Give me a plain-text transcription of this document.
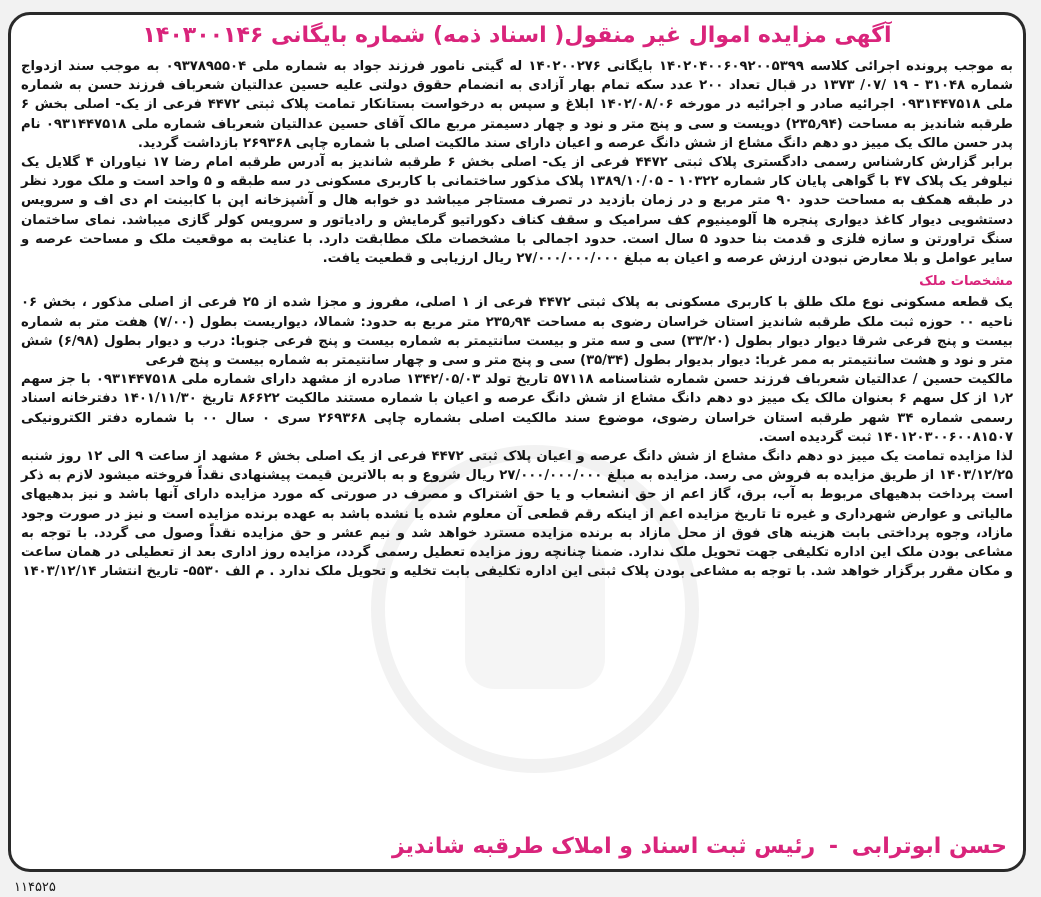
آگهی مزایده اموال غیر منقول( اسناد ذمه) شماره بایگانی ۱۴۰۳۰۰۱۴۶

به موجب پرونده اجرائی کلاسه ۱۴۰۲۰۴۰۰۶۰۹۲۰۰۵۳۹۹ بایگانی ۱۴۰۲۰۰۲۷۶ له گیتی نامور فرزند جواد به شماره ملی ۰۹۳۷۸۹۵۵۰۴ به موجب سند ازدواج شماره ۳۱۰۴۸ - ۱۹ /۰۷/ ۱۳۷۳ در قبال تعداد ۲۰۰ عدد سکه تمام بهار آزادی به انضمام حقوق دولتی علیه حسین عدالتیان شعرباف فرزند حسن به شماره ملی ۰۹۳۱۴۴۷۵۱۸ اجرائیه صادر و اجرائیه در مورخه ۱۴۰۲/۰۸/۰۶ ابلاغ و سپس به درخواست بستانکار تمامت پلاک ثبتی ۴۴۷۲ فرعی از یک- اصلی بخش ۶ طرقبه شاندیز به مساحت (۲۳۵٫۹۴) دویست و سی و پنج متر و نود و چهار دسیمتر مربع مالک آقای حسین عدالتیان شعرباف شماره ملی ۰۹۳۱۴۴۷۵۱۸ نام پدر حسن مالک یک مییز دو دهم دانگ مشاع از شش دانگ عرصه و اعیان دارای سند مالکیت اصلی با شماره چاپی ۲۶۹۳۶۸ بازداشت گردید.

برابر گزارش کارشناس رسمی دادگستری پلاک ثبتی ۴۴۷۲ فرعی از یک- اصلی بخش ۶ طرقبه شاندیز به آدرس طرقبه امام رضا ۱۷ نیاوران ۴ گلایل یک نیلوفر یک پلاک ۴۷ با گواهی پایان کار شماره ۱۰۳۲۲ - ۱۳۸۹/۱۰/۰۵ پلاک مذکور ساختمانی با کاربری مسکونی در سه طبقه و ۵ واحد است و ملک مورد نظر در طبقه همکف به مساحت حدود ۹۰ متر مربع و در زمان بازدید در تصرف مستاجر میباشد دو خوابه هال و آشپزخانه اپن با کابینت ام دی اف و سرویس دستشویی دیوار کاغذ دیواری پنجره ها آلومینیوم کف سرامیک و سقف کناف دکوراتیو گرمایش و رادیاتور و سرویس کولر گازی میباشد. نمای ساختمان سنگ تراورتن و سازه فلزی و قدمت بنا حدود ۵ سال است. حدود اجمالی با مشخصات ملک مطابقت دارد. با عنایت به موقعیت ملک و مساحت عرصه و سایر عوامل و بلا معارض نبودن ارزش عرصه و اعیان به مبلغ ۲۷/۰۰۰/۰۰۰/۰۰۰ ریال ارزیابی و قطعیت یافت.

مشخصات ملک

یک قطعه مسکونی نوع ملک طلق با کاربری مسکونی به پلاک ثبتی ۴۴۷۲ فرعی از ۱ اصلی، مفروز و مجزا شده از ۲۵ فرعی از اصلی مذکور ، بخش ۰۶ ناحیه ۰۰ حوزه ثبت ملک طرقبه شاندیز استان خراسان رضوی به مساحت ۲۳۵٫۹۴ متر مربع به حدود: شمالا، دیواریست بطول (۷/۰۰) هفت متر به شماره بیست و پنج فرعی شرقا دیوار دیوار بطول (۳۳/۲۰) سی و سه متر و بیست سانتیمتر به شماره بیست و پنج فرعی جنوبا: درب و دیوار بطول (۶/۹۸) شش متر و نود و هشت سانتیمتر به ممر غربا: دیوار بدیوار بطول (۳۵/۳۴) سی و پنج متر و سی و چهار سانتیمتر به شماره بیست و پنج فرعی

مالکیت حسین / عدالتیان شعرباف فرزند حسن شماره شناسنامه ۵۷۱۱۸ تاریخ تولد ۱۳۴۲/۰۵/۰۳ صادره از مشهد دارای شماره ملی ۰۹۳۱۴۴۷۵۱۸ با جز سهم ۱٫۲ از کل سهم ۶ بعنوان مالک یک مییز دو دهم دانگ مشاع از شش دانگ عرصه و اعیان با شماره مستند مالکیت ۸۶۶۲۲ تاریخ ۱۴۰۱/۱۱/۳۰ دفترخانه اسناد رسمی شماره ۳۴ شهر طرقبه استان خراسان رضوی، موضوع سند مالکیت اصلی بشماره چاپی ۲۶۹۳۶۸ سری ۰ سال ۰۰ با شماره دفتر الکترونیکی ۱۴۰۱۲۰۳۰۰۶۰۰۸۱۵۰۷ ثبت گردیده است.

لذا مزایده تمامت یک مییز دو دهم دانگ مشاع از شش دانگ عرصه و اعیان پلاک ثبتی ۴۴۷۲ فرعی از یک اصلی بخش ۶ مشهد از ساعت ۹ الی ۱۲ روز شنبه ۱۴۰۳/۱۲/۲۵ از طریق مزایده به فروش می رسد. مزایده به مبلغ ۲۷/۰۰۰/۰۰۰/۰۰۰ ریال شروع و به بالاترین قیمت پیشنهادی نقداً فروخته میشود لازم به ذکر است پرداخت بدهیهای مربوط به آب، برق، گاز اعم از حق انشعاب و یا حق اشتراک و مصرف در صورتی که مورد مزایده دارای آنها باشد و نیز بدهیهای مالیاتی و عوارض شهرداری و غیره تا تاریخ مزایده اعم از اینکه رقم قطعی آن معلوم شده یا نشده باشد به عهده برنده مزایده است و نیز در صورت وجود مازاد، وجوه پرداختی بابت هزینه های فوق از محل مازاد به برنده مزایده مسترد خواهد شد و نیم عشر و حق مزایده نقداً وصول می گردد. با توجه به مشاعی بودن ملک این اداره تکلیفی جهت تحویل ملک ندارد. ضمنا چنانچه روز مزایده تعطیل رسمی گردد، مزایده روز اداری بعد از تعطیلی در همان ساعت و مکان مقرر برگزار خواهد شد. با توجه به مشاعی بودن پلاک ثبتی این اداره تکلیفی بابت تخلیه و تحویل ملک ندارد . م الف ۵۵۳۰- تاریخ انتشار ۱۴۰۳/۱۲/۱۴

حسن ابوترابی - رئیس ثبت اسناد و املاک طرقبه شاندیز
۱۱۴۵۲۵
